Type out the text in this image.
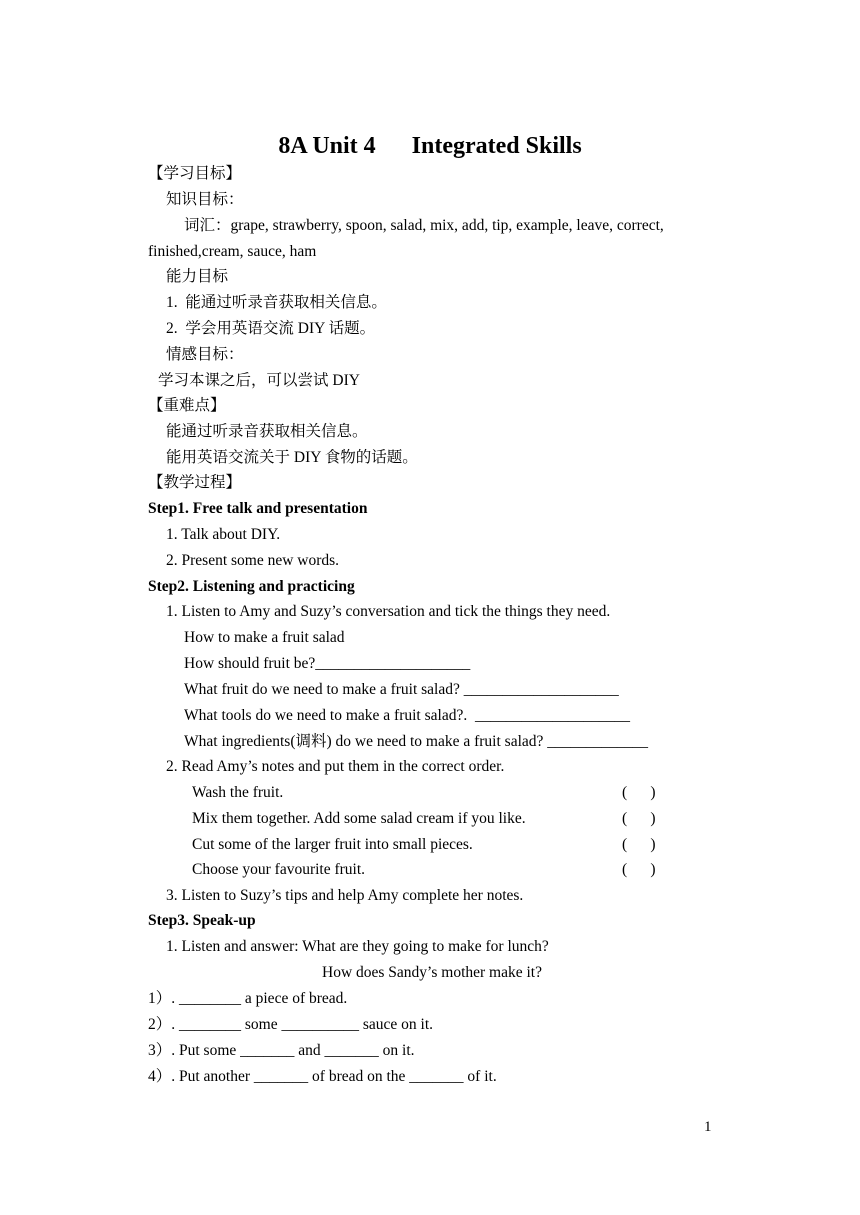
8A Unit 4      Integrated Skills
【学习目标】
知识目标：
词汇：grape, strawberry, spoon, salad, mix, add, tip, example, leave, correct,
finished,cream, sauce, ham
能力目标
1.  能通过听录音获取相关信息。
2.  学会用英语交流 DIY 话题。
情感目标：
学习本课之后，可以尝试 DIY
【重难点】
能通过听录音获取相关信息。
能用英语交流关于 DIY 食物的话题。
【教学过程】
Step1. Free talk and presentation
1. Talk about DIY.
2. Present some new words.
Step2. Listening and practicing
1. Listen to Amy and Suzy’s conversation and tick the things they need.
How to make a fruit salad
How should fruit be?____________________
What fruit do we need to make a fruit salad? ____________________
What tools do we need to make a fruit salad?.  ____________________
What ingredients(调料) do we need to make a fruit salad? _____________
2. Read Amy’s notes and put them in the correct order.
Wash the fruit.	(      )
Mix them together. Add some salad cream if you like.	(      )
Cut some of the larger fruit into small pieces.	(      )
Choose your favourite fruit.	(      )
3. Listen to Suzy’s tips and help Amy complete her notes.
Step3. Speak-up
1. Listen and answer: What are they going to make for lunch?
How does Sandy’s mother make it?
1）. ________ a piece of bread.
2）. ________ some __________ sauce on it.
3）. Put some _______ and _______ on it.
4）. Put another _______ of bread on the _______ of it.
1
